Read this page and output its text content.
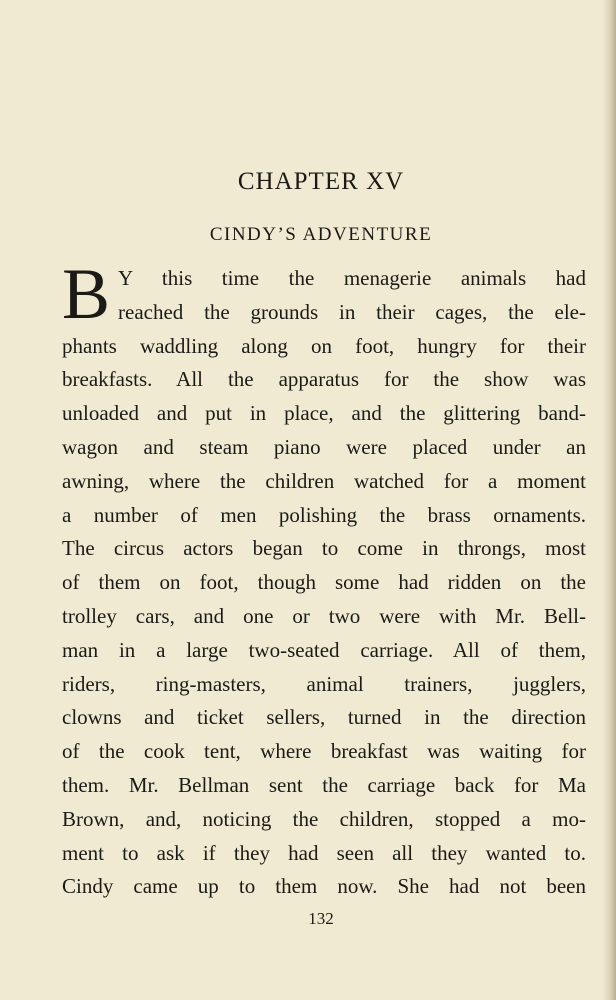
CHAPTER XV
CINDY’S ADVENTURE
B Y this time the menagerie animals had
reached the grounds in their cages, the ele-
phants waddling along on foot, hungry for their
breakfasts. All the apparatus for the show was
unloaded and put in place, and the glittering band-
wagon and steam piano were placed under an
awning, where the children watched for a moment
a number of men polishing the brass ornaments.
The circus actors began to come in throngs, most
of them on foot, though some had ridden on the
trolley cars, and one or two were with Mr. Bell-
man in a large two-seated carriage. All of them,
riders, ring-masters, animal trainers, jugglers,
clowns and ticket sellers, turned in the direction
of the cook tent, where breakfast was waiting for
them. Mr. Bellman sent the carriage back for Ma
Brown, and, noticing the children, stopped a mo-
ment to ask if they had seen all they wanted to.
Cindy came up to them now. She had not been
132
